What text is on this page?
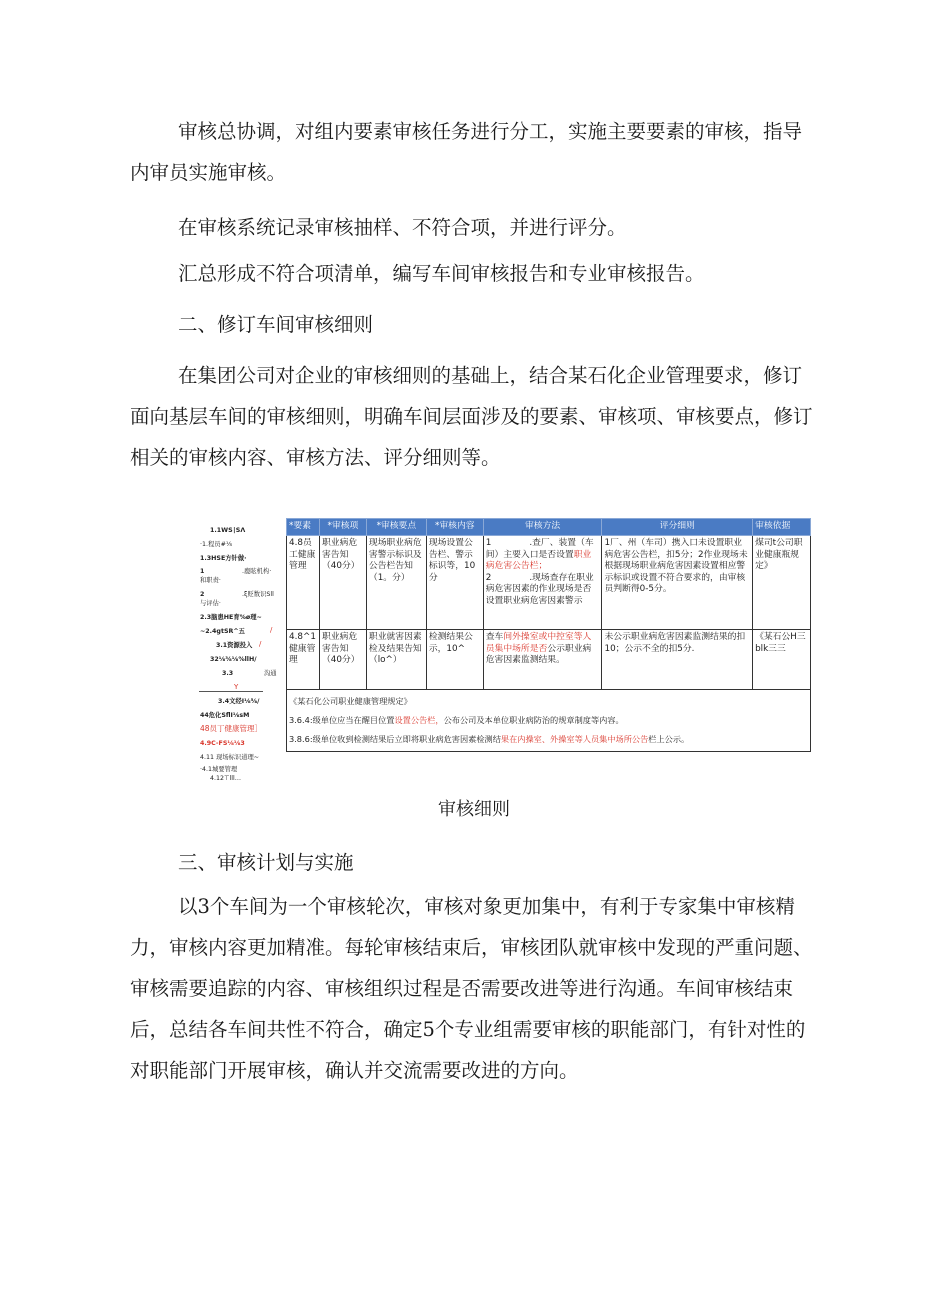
审核总协调，对组内要素审核任务进行分工，实施主要要素的审核，指导内审员实施审核。

在审核系统记录审核抽样、不符合项，并进行评分。

汇总形成不符合项清单，编写车间审核报告和专业审核报告。

二、修订车间审核细则

在集团公司对企业的审核细则的基础上，结合某石化企业管理要求，修订面向基层车间的审核细则，明确车间层面涉及的要素、审核项、审核要点，修订相关的审核内容、审核方法、评分细则等。

1.1WS∣SΛ
·1.程员#⅛
1.3HSE方针做·
1	.鹿眩机构·
和职责·
2	.ξ贬数识Sll
与评估·
2.3脑患HE育%ø理~
~2.4gtSR^五	/
3.1资源投入 /
32⅛⅜⅛%llH/
3.3	沟通
Y
3.4文经Ⅰ⅛⅝/
44危化SflI⅛sM
48员丁健康管理］
4.9C-FS⅛⅛3
4.11 现场标识道理~
·4.1城要管理
4.12⊤lll…
*要素	*审核项	*审核要点	*审核内容	审核方法	评分细则	审核依据
4.8员工健康管理	职业病危害告知（40分）	现场职业病危害警示标识及公告栏告知（1。分）	现场设置公告栏、警示标识等，10分	1 .查厂、装置（车间）主要入口是否设置职业病危害公告栏；
2 .现场查存在职业病危害因素的作业现场是否设置职业病危害因素警示	1厂、州（车司）携入口未设置职业病危害公告栏，扣5分；2作业现场未根据现场职业病危害因素设置相应警示标识或设置不符合要求的，由审核员判断得0-5分。	煤司t公司职业健康瓶规定》
4.8^1健康管理	职业病危害告知（40分）	职业就害因素检及结果告知（lo^）	检测结果公示，10^	查车间外操室或中控室等人员集中场所是否公示职业病危害因素监测结果。	未公示职业病危害因素监测结果的扣10；公示不全的扣5分.	《某石公H三blk三三

《某石化公司职业健康管理规定》
3.6.4:级单位应当在醒目位置设置公告栏，公布公司及本单位职业病防治的规章制度等内容。
3.8.6:级单位收到检测结果后立即将职业病危害因素检测结果在内操室、外操室等人员集中场所公告栏上公示。						
审核细则

三、审核计划与实施

以3个车间为一个审核轮次，审核对象更加集中，有利于专家集中审核精力，审核内容更加精准。每轮审核结束后，审核团队就审核中发现的严重问题、审核需要追踪的内容、审核组织过程是否需要改进等进行沟通。车间审核结束后，总结各车间共性不符合，确定5个专业组需要审核的职能部门，有针对性的对职能部门开展审核，确认并交流需要改进的方向。
